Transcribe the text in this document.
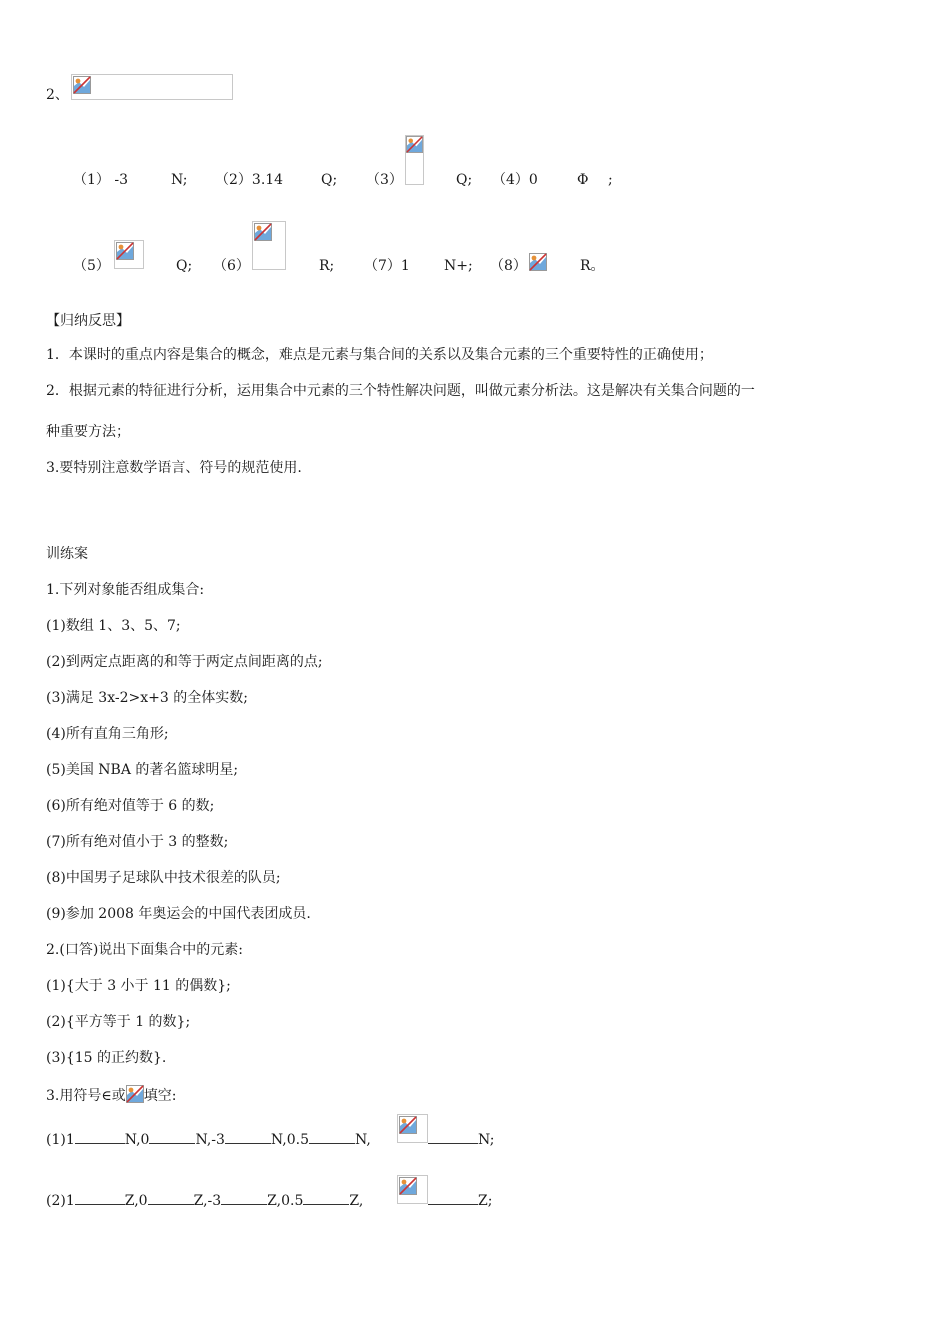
2、
（1） -3	N; （2）3.14	Q; （3）	Q; （4）0	Φ ;
（5）	Q; （6）	R; （7）1 N+; （8）	R。
【归纳反思】
1．本课时的重点内容是集合的概念，难点是元素与集合间的关系以及集合元素的三个重要特性的正确使用；
2．根据元素的特征进行分析，运用集合中元素的三个特性解决问题，叫做元素分析法。这是解决有关集合问题的一
种重要方法；
3.要特别注意数学语言、符号的规范使用.
训练案
1.下列对象能否组成集合:
(1)数组 1、3、5、7;
(2)到两定点距离的和等于两定点间距离的点;
(3)满足 3x-2>x+3 的全体实数;
(4)所有直角三角形;
(5)美国 NBA 的著名篮球明星;
(6)所有绝对值等于 6 的数;
(7)所有绝对值小于 3 的整数;
(8)中国男子足球队中技术很差的队员;
(9)参加 2008 年奥运会的中国代表团成员.
2.(口答)说出下面集合中的元素:
(1){大于 3 小于 11 的偶数};
(2){平方等于 1 的数};
(3){15 的正约数}.
3.用符号∈或 填空:
(1)1	N,0	N,-3	N,0.5	N,	N;
(2)1	Z,0	Z,-3	Z,0.5	Z,	Z;
